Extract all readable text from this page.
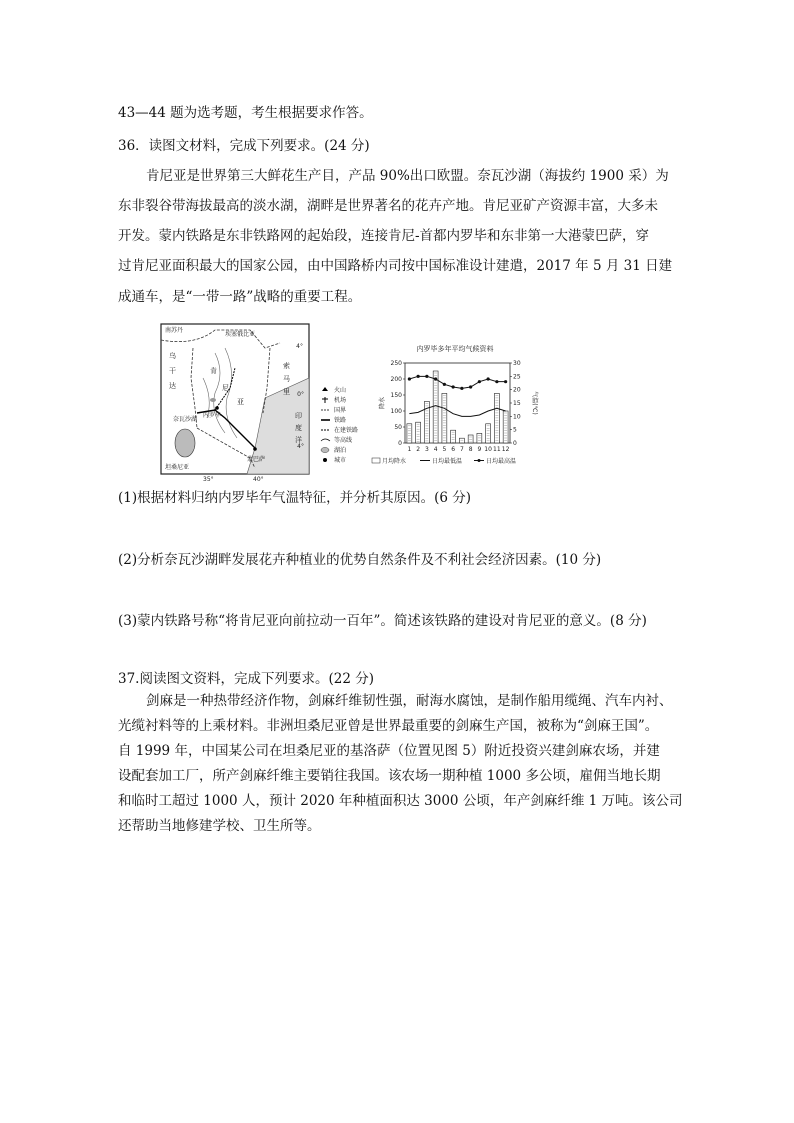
43—44 题为选考题，考生根据要求作答。
36．读图文材料，完成下列要求。(24 分)
肯尼亚是世界第三大鲜花生产目，产品 90%出口欧盟。奈瓦沙湖（海拔约 1900 采）为
东非裂谷带海拔最高的淡水湖，湖畔是世界著名的花卉产地。肯尼亚矿产资源丰富，大多未
开发。蒙内铁路是东非铁路网的起始段，连接肯尼-首都内罗毕和东非第一大港蒙巴萨，穿
过肯尼亚面积最大的国家公园，由中国路桥内司按中国标准设计建遣，2017 年 5 月 31 日建
成通车，是“一带一路”战略的重要工程。
南苏丹
埃塞俄比亚
4°
0°
4°
乌
干
达
肯
尼
亚
索
马
里
印
度
洋
内罗毕
奈瓦沙湖
坦桑尼亚
蒙巴萨
35°	40°
火山
机场
国界
铁路
在建铁路
等高线
湖泊
城市
内罗毕多年平均气候资料
0
50
100
150
200
250
0
5
10
15
20
25
30
降水	气温(℃)
1 2 3 4 5 6 7 8 9 10 11 12
月均降水	日均最低温	日均最高温
(1)根据材料归纳内罗毕年气温特征，并分析其原因。(6 分)
(2)分析奈瓦沙湖畔发展花卉种植业的优势自然条件及不利社会经济因素。(10 分)
(3)蒙内铁路号称“将肯尼亚向前拉动一百年”。简述该铁路的建设对肯尼亚的意义。(8 分)
37.阅读图文资料，完成下列要求。(22 分)
剑麻是一种热带经济作物，剑麻纤维韧性强，耐海水腐蚀，是制作船用缆绳、汽车内衬、
光缆衬料等的上乘材料。非洲坦桑尼亚曾是世界最重要的剑麻生产国，被称为“剑麻王国”。
自 1999 年，中国某公司在坦桑尼亚的基洛萨（位置见图 5）附近投资兴建剑麻农场，并建
设配套加工厂，所产剑麻纤维主要销往我国。该农场一期种植 1000 多公顷，雇佣当地长期
和临时工超过 1000 人，预计 2020 年种植面积达 3000 公顷，年产剑麻纤维 1 万吨。该公司
还帮助当地修建学校、卫生所等。
